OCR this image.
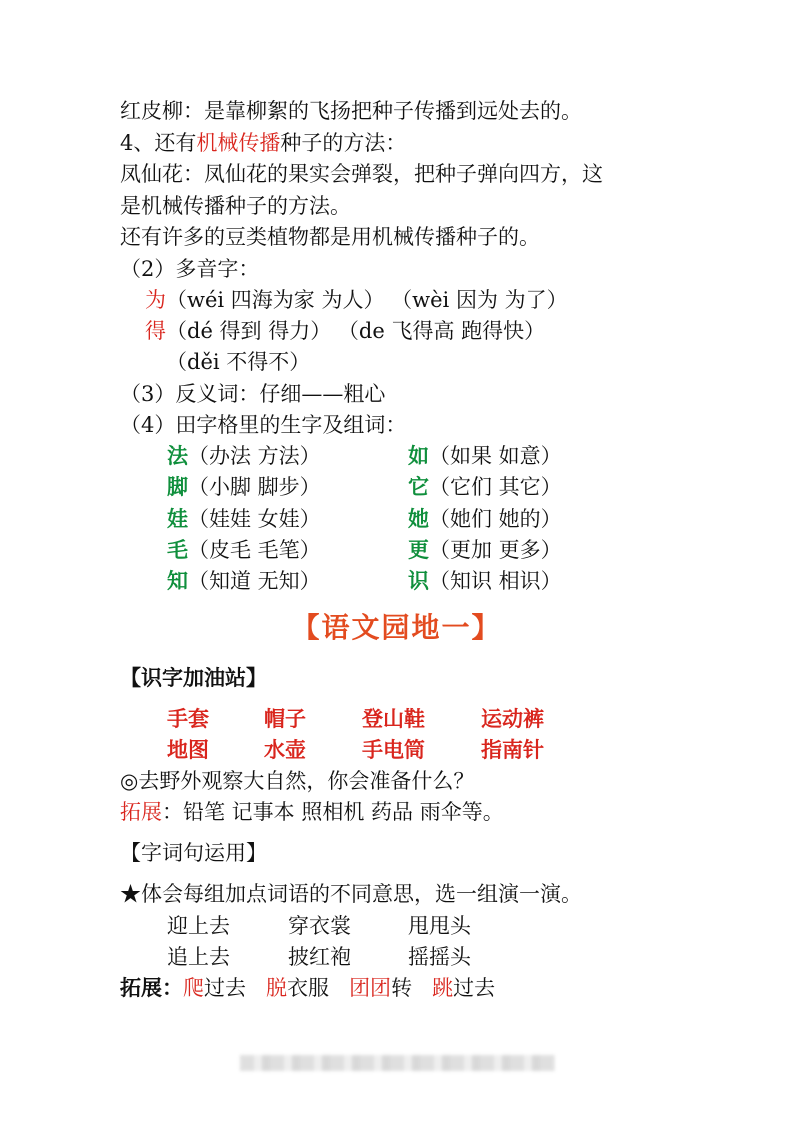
红皮柳：是靠柳絮的飞扬把种子传播到远处去的。
4、还有机械传播种子的方法：
凤仙花：凤仙花的果实会弹裂，把种子弹向四方，这
是机械传播种子的方法。
还有许多的豆类植物都是用机械传播种子的。
（2）多音字：
为（wéi 四海为家 为人） （wèi 因为 为了）
得（dé 得到 得力） （de 飞得高 跑得快）
（děi 不得不）
（3）反义词：仔细——粗心
（4）田字格里的生字及组词：
法（办法 方法）	如（如果 如意）
脚（小脚 脚步）	它（它们 其它）
娃（娃娃 女娃）	她（她们 她的）
毛（皮毛 毛笔）	更（更加 更多）
知（知道 无知）	识（知识 相识）
【语文园地一】
【识字加油站】
手套	帽子	登山鞋	运动裤
地图	水壶	手电筒	指南针
◎去野外观察大自然，你会准备什么？
拓展：铅笔 记事本 照相机 药品 雨伞等。
【字词句运用】
★体会每组加点词语的不同意思，选一组演一演。
迎上去	穿衣裳	甩甩头
追上去	披红袍	摇摇头
拓展：爬过去 脱衣服 团团转 跳过去
